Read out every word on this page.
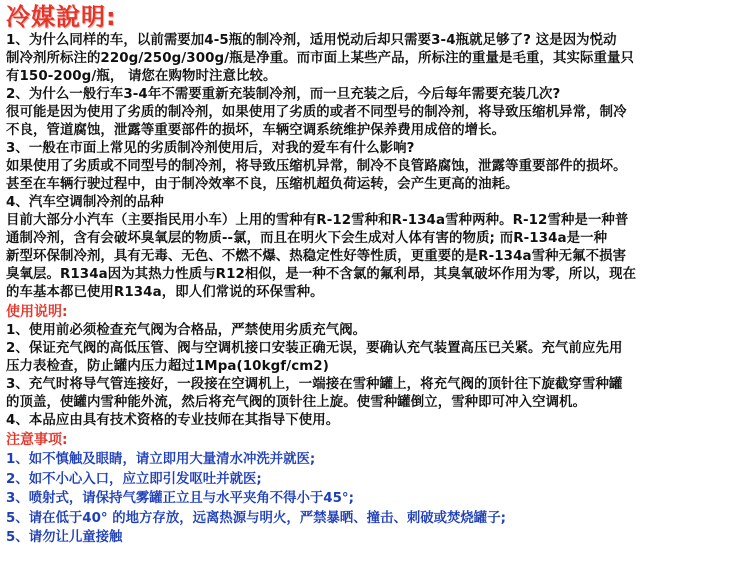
冷媒說明:
1、为什么同样的车，以前需要加4-5瓶的制冷剂，适用悦动后却只需要3-4瓶就足够了? 这是因为悦动
制冷剂所标注的220g/250g/300g/瓶是净重。而市面上某些产品，所标注的重量是毛重，其实际重量只
有150-200g/瓶， 请您在购物时注意比较。
2、为什么一般行车3-4年不需要重新充装制冷剂，而一旦充装之后，今后每年需要充装几次?
很可能是因为使用了劣质的制冷剂，如果使用了劣质的或者不同型号的制冷剂，将导致压缩机异常，制冷
不良，管道腐蚀，泄露等重要部件的损坏，车辆空调系统维护保养费用成倍的增长。
3、一般在市面上常见的劣质制冷剂使用后，对我的爱车有什么影响?
如果使用了劣质或不同型号的制冷剂，将导致压缩机异常，制冷不良管路腐蚀，泄露等重要部件的损坏。
甚至在车辆行驶过程中，由于制冷效率不良，压缩机超负荷运转，会产生更高的油耗。
4、汽车空调制冷剂的品种
目前大部分小汽车（主要指民用小车）上用的雪种有R-12雪种和R-134a雪种两种。R-12雪种是一种普
通制冷剂，含有会破坏臭氧层的物质--氯，而且在明火下会生成对人体有害的物质; 而R-134a是一种
新型环保制冷剂，具有无毒、无色、不燃不爆、热稳定性好等性质，更重要的是R-134a雪种无氟不损害
臭氧层。R134a因为其热力性质与R12相似，是一种不含氯的氟利昂，其臭氧破坏作用为零，所以，现在
的车基本都已使用R134a，即人们常说的环保雪种。
使用说明:
1、使用前必须检查充气阀为合格品，严禁使用劣质充气阀。
2、保证充气阀的高低压管、阀与空调机接口安装正确无误，要确认充气装置高压已关紧。充气前应先用
压力表检查，防止罐内压力超过1Mpa(10kgf/cm2)
3、充气时将导气管连接好，一段接在空调机上，一端接在雪种罐上，将充气阀的顶针往下旋截穿雪种罐
的顶盖，使罐内雪种能外流，然后将充气阀的顶针往上旋。使雪种罐倒立，雪种即可冲入空调机。
4、本品应由具有技术资格的专业技师在其指导下使用。
注意事项:
1、如不慎触及眼睛，请立即用大量清水冲洗并就医;
2、如不小心入口，应立即引发呕吐并就医;
3、喷射式，请保持气雾罐正立且与水平夹角不得小于45°;
5、请在低于40° 的地方存放，远离热源与明火，严禁暴晒、撞击、刺破或焚烧罐子;
5、请勿让儿童接触
